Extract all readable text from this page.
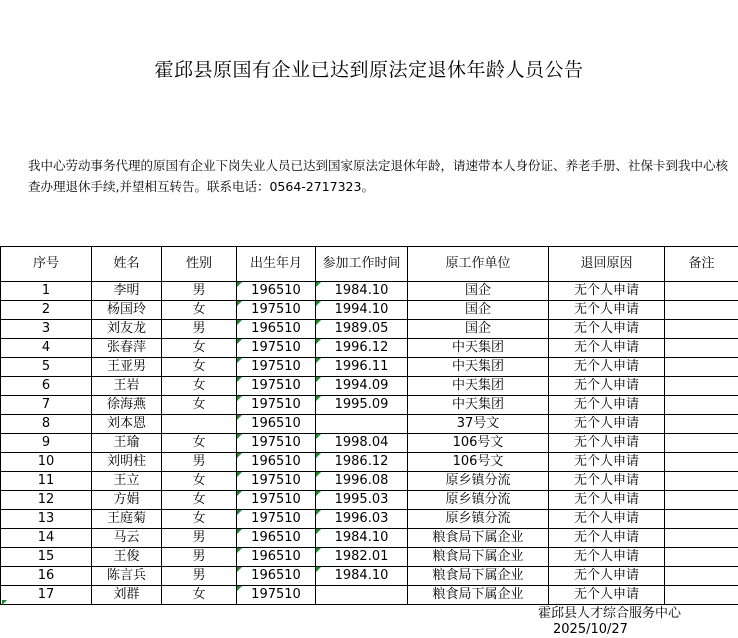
霍邱县原国有企业已达到原法定退休年龄人员公告
我中心劳动事务代理的原国有企业下岗失业人员已达到国家原法定退休年龄，请速带本人身份证、养老手册、社保卡到我中心核查办理退休手续,并望相互转告。联系电话：0564-2717323。
序号	姓名	性别	出生年月	参加工作时间	原工作单位	退回原因	备注
1	李明	男	196510	1984.10	国企	无个人申请	
2	杨国玲	女	197510	1994.10	国企	无个人申请	
3	刘友龙	男	196510	1989.05	国企	无个人申请	
4	张春萍	女	197510	1996.12	中天集团	无个人申请	
5	王亚男	女	197510	1996.11	中天集团	无个人申请	
6	王岩	女	197510	1994.09	中天集团	无个人申请	
7	徐海燕	女	197510	1995.09	中天集团	无个人申请	
8	刘本恩		196510		37号文	无个人申请	
9	王瑜	女	197510	1998.04	106号文	无个人申请	
10	刘明柱	男	196510	1986.12	106号文	无个人申请	
11	王立	女	197510	1996.08	原乡镇分流	无个人申请	
12	方娟	女	197510	1995.03	原乡镇分流	无个人申请	
13	王庭菊	女	197510	1996.03	原乡镇分流	无个人申请	
14	马云	男	196510	1984.10	粮食局下属企业	无个人申请	
15	王俊	男	196510	1982.01	粮食局下属企业	无个人申请	
16	陈言兵	男	196510	1984.10	粮食局下属企业	无个人申请	
17	刘群	女	197510		粮食局下属企业	无个人申请	
霍邱县人才综合服务中心
2025/10/27
